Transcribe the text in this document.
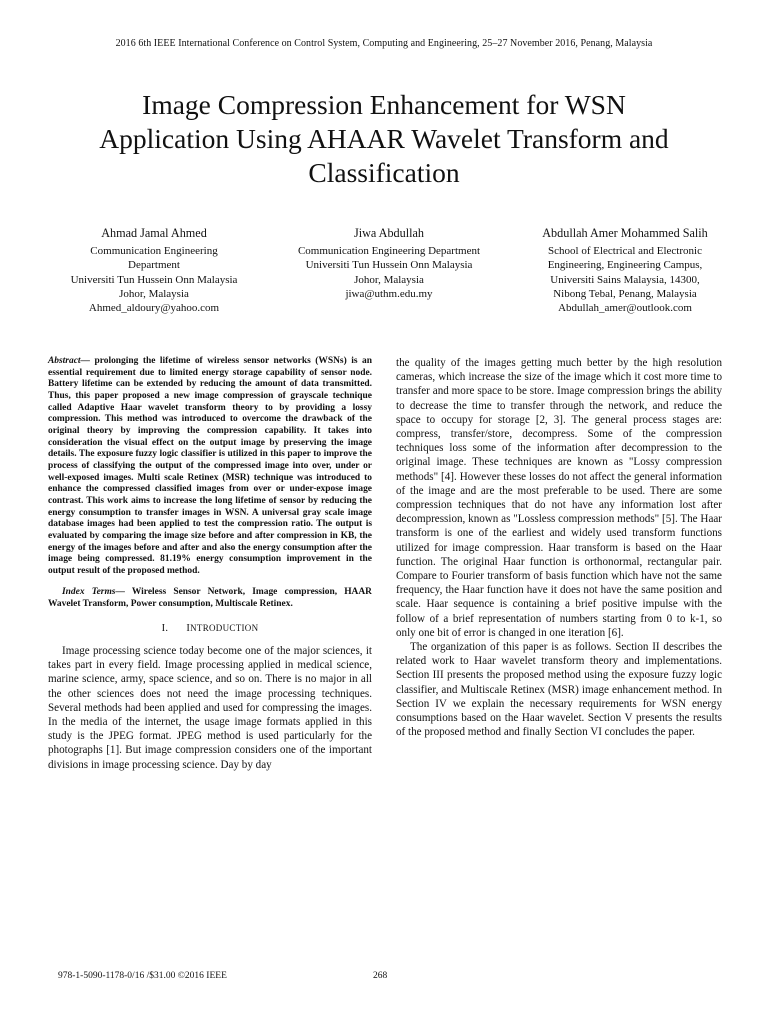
2016 6th IEEE International Conference on Control System, Computing and Engineering, 25–27 November 2016, Penang, Malaysia
Image Compression Enhancement for WSN
Application Using AHAAR Wavelet Transform and
Classification
Ahmad Jamal Ahmed
Communication Engineering
Department
Universiti Tun Hussein Onn Malaysia
Johor, Malaysia
Ahmed_aldoury@yahoo.com
Jiwa Abdullah
Communication Engineering Department
Universiti Tun Hussein Onn Malaysia
Johor, Malaysia
jiwa@uthm.edu.my
Abdullah Amer Mohammed Salih
School of Electrical and Electronic
Engineering, Engineering Campus,
Universiti Sains Malaysia, 14300,
Nibong Tebal, Penang, Malaysia
Abdullah_amer@outlook.com

Abstract— prolonging the lifetime of wireless sensor networks (WSNs) is an essential requirement due to limited energy storage capability of sensor node. Battery lifetime can be extended by reducing the amount of data transmitted. Thus, this paper proposed a new image compression of grayscale technique called Adaptive Haar wavelet transform theory to by providing a lossy compression. This method was introduced to overcome the drawback of the original theory by improving the compression capability. It takes into consideration the visual effect on the output image by preserving the image details. The exposure fuzzy logic classifier is utilized in this paper to improve the process of classifying the output of the compressed image into over, under or well-exposed images. Multi scale Retinex (MSR) technique was introduced to enhance the compressed classified images from over or under-expose image contrast. This work aims to increase the long lifetime of sensor by reducing the energy consumption to transfer images in WSN. A universal gray scale image database images had been applied to test the compression ratio. The output is evaluated by comparing the image size before and after compression in KB, the energy of the images before and after and also the energy consumption after the image being compressed. 81.19% energy consumption improvement in the output result of the proposed method.

Index Terms— Wireless Sensor Network, Image compression, HAAR Wavelet Transform, Power consumption, Multiscale Retinex.

I. INTRODUCTION

Image processing science today become one of the major sciences, it takes part in every field. Image processing applied in medical science, marine science, army, space science, and so on. There is no major in all the other sciences does not need the image processing techniques. Several methods had been applied and used for compressing the images. In the media of the internet, the usage image formats applied in this study is the JPEG format. JPEG method is used particularly for the photographs [1]. But image compression considers one of the important divisions in image processing science. Day by day

the quality of the images getting much better by the high resolution cameras, which increase the size of the image which it cost more time to transfer and more space to be store. Image compression brings the ability to decrease the time to transfer through the network, and reduce the space to occupy for storage [2, 3]. The general process stages are: compress, transfer/store, decompress. Some of the compression techniques loss some of the information after decompression to the original image. These techniques are known as "Lossy compression methods" [4]. However these losses do not affect the general information of the image and are the most preferable to be used. There are some compression techniques that do not have any information lost after decompression, known as "Lossless compression methods" [5]. The Haar transform is one of the earliest and widely used transform functions utilized for image compression. Haar transform is based on the Haar function. The original Haar function is orthonormal, rectangular pair. Compare to Fourier transform of basis function which have not the same frequency, the Haar function have it does not have the same position and scale. Haar sequence is containing a brief positive impulse with the follow of a brief representation of numbers starting from 0 to k-1, so only one bit of error is changed in one iteration [6].

The organization of this paper is as follows. Section II describes the related work to Haar wavelet transform theory and implementations. Section III presents the proposed method using the exposure fuzzy logic classifier, and Multiscale Retinex (MSR) image enhancement method. In Section IV we explain the necessary requirements for WSN energy consumptions based on the Haar wavelet. Section V presents the results of the proposed method and finally Section VI concludes the paper.

978-1-5090-1178-0/16 /$31.00 ©2016 IEEE	268
